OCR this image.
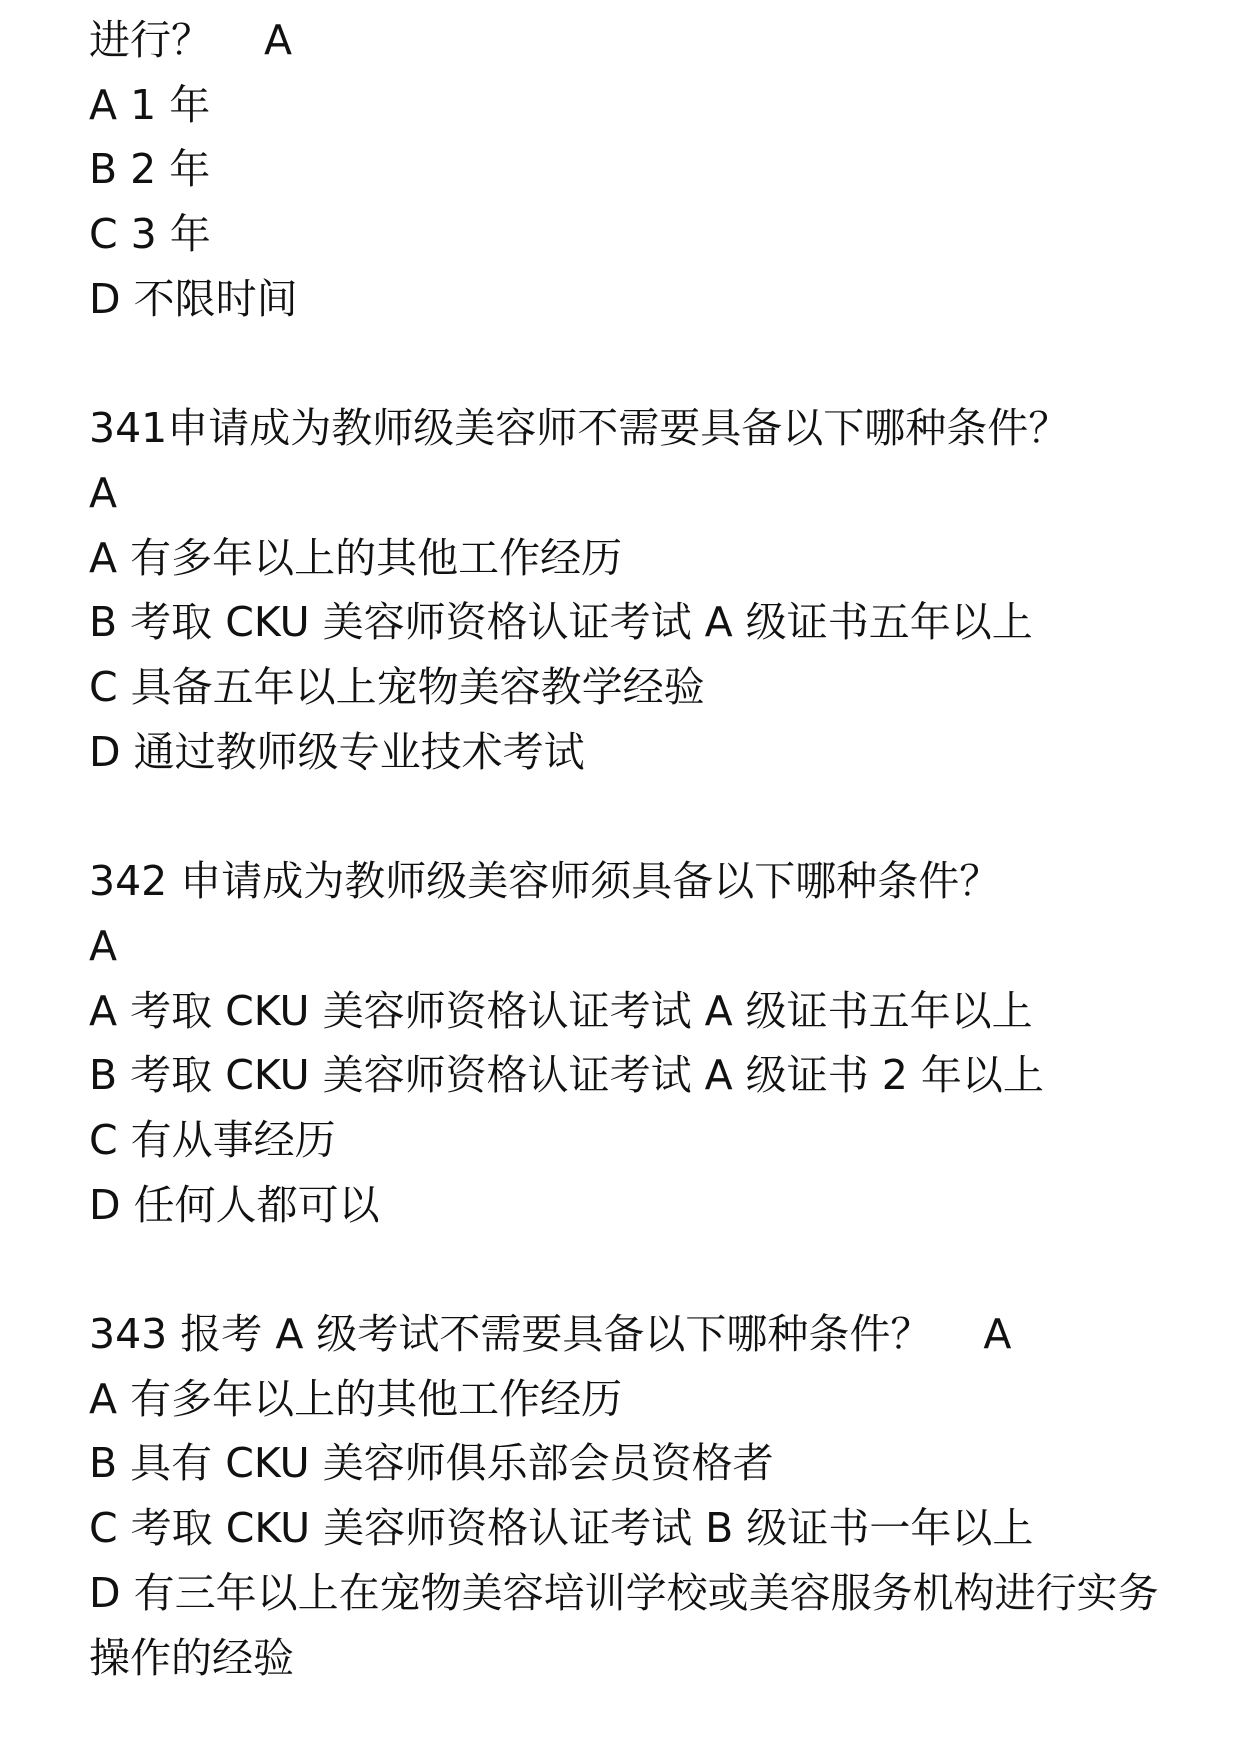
进行？ A

A 1 年

B 2 年

C 3 年

D 不限时间

341申请成为教师级美容师不需要具备以下哪种条件？

A

A 有多年以上的其他工作经历

B 考取 CKU 美容师资格认证考试 A 级证书五年以上

C 具备五年以上宠物美容教学经验

D 通过教师级专业技术考试

342 申请成为教师级美容师须具备以下哪种条件？

A

A 考取 CKU 美容师资格认证考试 A 级证书五年以上

B 考取 CKU 美容师资格认证考试 A 级证书 2 年以上

C 有从事经历

D 任何人都可以

343 报考 A 级考试不需要具备以下哪种条件？ A

A 有多年以上的其他工作经历

B 具有 CKU 美容师俱乐部会员资格者

C 考取 CKU 美容师资格认证考试 B 级证书一年以上

D 有三年以上在宠物美容培训学校或美容服务机构进行实务操作的经验
